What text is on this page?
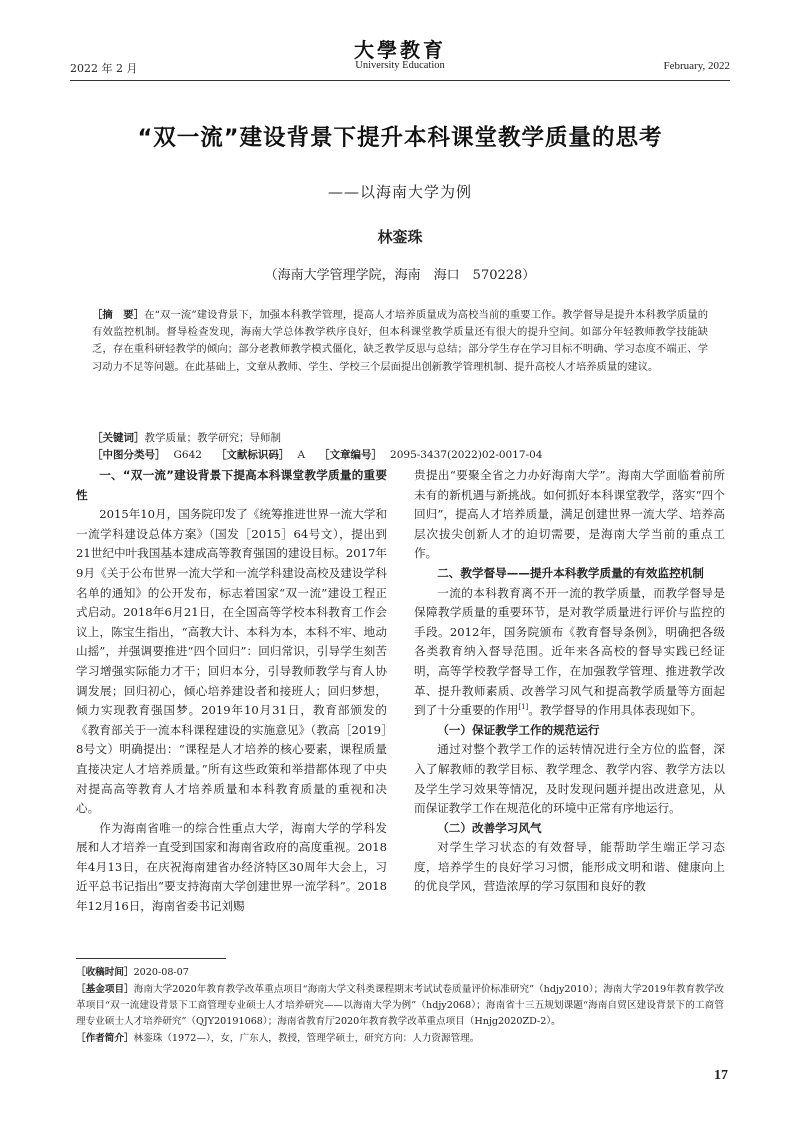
大學教育
University Education
2022 年 2 月	February, 2022
“双一流”建设背景下提升本科课堂教学质量的思考
——以海南大学为例
林銮珠
（海南大学管理学院，海南　海口　570228）
［摘　要］在“双一流”建设背景下，加强本科教学管理，提高人才培养质量成为高校当前的重要工作。教学督导是提升本科教学质量的有效监控机制。督导检查发现，海南大学总体教学秩序良好，但本科课堂教学质量还有很大的提升空间。如部分年轻教师教学技能缺乏，存在重科研轻教学的倾向；部分老教师教学模式僵化，缺乏教学反思与总结；部分学生存在学习目标不明确、学习态度不端正、学习动力不足等问题。在此基础上，文章从教师、学生、学校三个层面提出创新教学管理机制、提升高校人才培养质量的建议。
［关键词］教学质量；教学研究；导师制
［中图分类号］ G642 ［文献标识码］ A ［文章编号］ 2095-3437(2022)02-0017-04
一、“双一流”建设背景下提高本科课堂教学质量的重要性

2015年10月，国务院印发了《统筹推进世界一流大学和一流学科建设总体方案》（国发［2015］64号文），提出到21世纪中叶我国基本建成高等教育强国的建设目标。2017年9月《关于公布世界一流大学和一流学科建设高校及建设学科名单的通知》的公开发布，标志着国家“双一流”建设工程正式启动。2018年6月21日，在全国高等学校本科教育工作会议上，陈宝生指出，“高教大计、本科为本，本科不牢、地动山摇”，并强调要推进“四个回归”：回归常识，引导学生刻苦学习增强实际能力才干；回归本分，引导教师教学与育人协调发展；回归初心，倾心培养建设者和接班人；回归梦想，倾力实现教育强国梦。2019年10月31日，教育部颁发的《教育部关于一流本科课程建设的实施意见》（教高［2019］8号文）明确提出：“课程是人才培养的核心要素，课程质量直接决定人才培养质量。”所有这些政策和举措都体现了中央对提高高等教育人才培养质量和本科教育质量的重视和决心。

作为海南省唯一的综合性重点大学，海南大学的学科发展和人才培养一直受到国家和海南省政府的高度重视。2018年4月13日，在庆祝海南建省办经济特区30周年大会上，习近平总书记指出“要支持海南大学创建世界一流学科”。2018年12月16日，海南省委书记刘赐

贵提出“要聚全省之力办好海南大学”。海南大学面临着前所未有的新机遇与新挑战。如何抓好本科课堂教学，落实“四个回归”，提高人才培养质量，满足创建世界一流大学、培养高层次拔尖创新人才的迫切需要，是海南大学当前的重点工作。

二、教学督导——提升本科教学质量的有效监控机制

一流的本科教育离不开一流的教学质量，而教学督导是保障教学质量的重要环节，是对教学质量进行评价与监控的手段。2012年，国务院颁布《教育督导条例》，明确把各级各类教育纳入督导范围。近年来各高校的督导实践已经证明，高等学校教学督导工作，在加强教学管理、推进教学改革、提升教师素质、改善学习风气和提高教学质量等方面起到了十分重要的作用[1]。教学督导的作用具体表现如下。

（一）保证教学工作的规范运行

通过对整个教学工作的运转情况进行全方位的监督，深入了解教师的教学目标、教学理念、教学内容、教学方法以及学生学习效果等情况，及时发现问题并提出改进意见，从而保证教学工作在规范化的环境中正常有序地运行。

（二）改善学习风气

对学生学习状态的有效督导，能帮助学生端正学习态度，培养学生的良好学习习惯，能形成文明和谐、健康向上的优良学风，营造浓厚的学习氛围和良好的教

［收稿时间］2020-08-07

［基金项目］海南大学2020年教育教学改革重点项目“海南大学文科类课程期末考试试卷质量评价标准研究”（hdjy2010）；海南大学2019年教育教学改革项目“双一流建设背景下工商管理专业硕士人才培养研究——以海南大学为例”（hdjy2068）；海南省十三五规划课题“海南自贸区建设背景下的工商管理专业硕士人才培养研究”（QJY20191068）；海南省教育厅2020年教育教学改革重点项目（Hnjg2020ZD-2）。

［作者简介］林銮珠（1972—），女，广东人，教授，管理学硕士，研究方向：人力资源管理。

17
